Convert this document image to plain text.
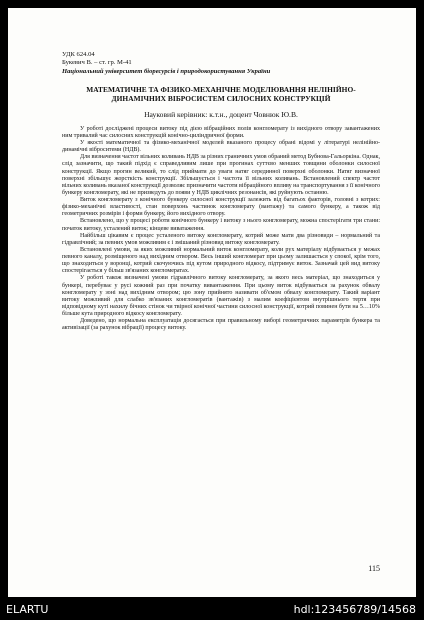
УДК 624.04
Букевич В. – ст. гр. М-41
Національний університет біоресурсів і природокористування України
МАТЕМАТИЧНЕ ТА ФІЗИКО-МЕХАНІЧНЕ МОДЕЛЮВАННЯ НЕЛІНІЙНО-ДИНАМІЧНИХ ВІБРОСИСТЕМ СИЛОСНИХ КОНСТРУКЦІЙ
Науковий керівник: к.т.н., доцент Човнюк Ю.В.

У роботі досліджені процеси витоку під дією вібраційних полів конгломерату із вихідного отвору завантажених ним тривалий час силосних конструкцій конічно-циліндричної форми.

У якості математичної та фізико-механічної моделей вказаного процесу обрані відомі у літературі нелінійно-динамічні віброситеми (НДВ).

Для визначення частот вільних коливань НДВ за різних граничних умов обраний метод Бубнова-Гальоркіна. Однак, слід зазначити, що такий підхід є справедливим лише при прогинах суттєво менших товщини оболонки силосної конструкції. Якщо прогин великий, то слід приймати до уваги натяг серединної поверхні оболонки. Натяг визначної поверхні збільшує жорсткість конструкції. Збільшується і частота її вільних коливань. Встановлений спектр частот вільних коливань вказаної конструкції дозволяє призначити частоти вібраційного впливу на транспортування з її конічного бункеру конгломерату, які не призведуть до появи у НДВ циклічних резонансів, які руйнують останню.

Виток конгломерату з конічного бункеру силосної конструкції залежить від багатьох факторів, головні з котрих: фізико-механічні властивості, стан поверхонь частинок конгломерату (вантажу) та самого бункеру, а також від геометричних розмірів і форми бункеру, його вихідного отвору.

Встановлено, що у процесі роботи конічного бункеру і витоку з нього конгломерату, можна спостерігати три стани: початок витоку, усталений виток; кінцеве виватаження.

Найбільш цікавим є процес усталеного витоку конгломерату, котрий може мати два різновиди – нормальний та гідравлічний; за певних умов можливим є і змішаний різновид витоку конгломерату.

Встановлені умови, за яких можливий нормальний виток конгломерату, коли рух матеріалу відбувається у межах певного каналу, розміщеного над вихідним отвором. Весь інший конгломерат при цьому залишається у спокої, крім того, що знаходиться у воронці, котрий скочуючись під кутом природного відкосу, підтримує виток. Зазначай цей вид витоку спостерігається у більш зв'язаних конгломератах.

У роботі також визначені умови гідравлічного витоку конгломерату, за якого весь матеріал, що знаходиться у бункері, перебуває у русі кожний раз при початку вивантаження. При цьому виток відбувається за рахунок обвалу конгломерату у зоні над вихідним отвором; цю зону прийнято називати об'ємом обвалу конгломерату. Такий варіант витоку можливий для слабко зв'язаних конгломератів (вантажів) з малим коефіцієнтом внутрішнього тертя при відповідному куті нахилу бічних стінок чи твірної конічної частини силосної конструкції, котрий повинен бути на 5…10% більше кута природного відкосу конгломерату.

Доведено, що нормальна експлуатація досягається при правильному виборі геометричних параметрів бункера та активізації (за рахунок вібрації) процесу витоку.

115
ELARTU	hdl:123456789/14568
